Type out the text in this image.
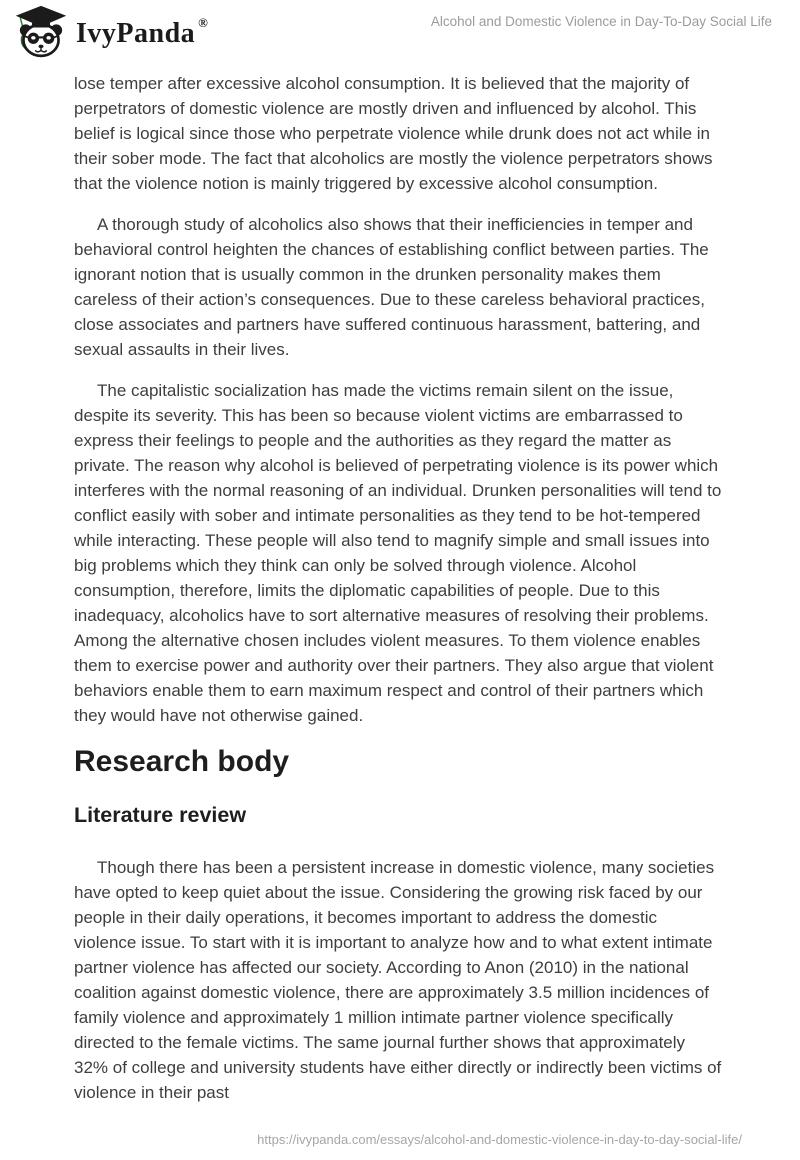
IvyPanda ®	Alcohol and Domestic Violence in Day-To-Day Social Life

lose temper after excessive alcohol consumption. It is believed that the majority of perpetrators of domestic violence are mostly driven and influenced by alcohol. This belief is logical since those who perpetrate violence while drunk does not act while in their sober mode. The fact that alcoholics are mostly the violence perpetrators shows that the violence notion is mainly triggered by excessive alcohol consumption.

A thorough study of alcoholics also shows that their inefficiencies in temper and behavioral control heighten the chances of establishing conflict between parties. The ignorant notion that is usually common in the drunken personality makes them careless of their action’s consequences. Due to these careless behavioral practices, close associates and partners have suffered continuous harassment, battering, and sexual assaults in their lives.

The capitalistic socialization has made the victims remain silent on the issue, despite its severity. This has been so because violent victims are embarrassed to express their feelings to people and the authorities as they regard the matter as private. The reason why alcohol is believed of perpetrating violence is its power which interferes with the normal reasoning of an individual. Drunken personalities will tend to conflict easily with sober and intimate personalities as they tend to be hot-tempered while interacting. These people will also tend to magnify simple and small issues into big problems which they think can only be solved through violence. Alcohol consumption, therefore, limits the diplomatic capabilities of people. Due to this inadequacy, alcoholics have to sort alternative measures of resolving their problems. Among the alternative chosen includes violent measures. To them violence enables them to exercise power and authority over their partners. They also argue that violent behaviors enable them to earn maximum respect and control of their partners which they would have not otherwise gained.

Research body
Literature review

Though there has been a persistent increase in domestic violence, many societies have opted to keep quiet about the issue. Considering the growing risk faced by our people in their daily operations, it becomes important to address the domestic violence issue. To start with it is important to analyze how and to what extent intimate partner violence has affected our society. According to Anon (2010) in the national coalition against domestic violence, there are approximately 3.5 million incidences of family violence and approximately 1 million intimate partner violence specifically directed to the female victims. The same journal further shows that approximately 32% of college and university students have either directly or indirectly been victims of violence in their past

https://ivypanda.com/essays/alcohol-and-domestic-violence-in-day-to-day-social-life/
